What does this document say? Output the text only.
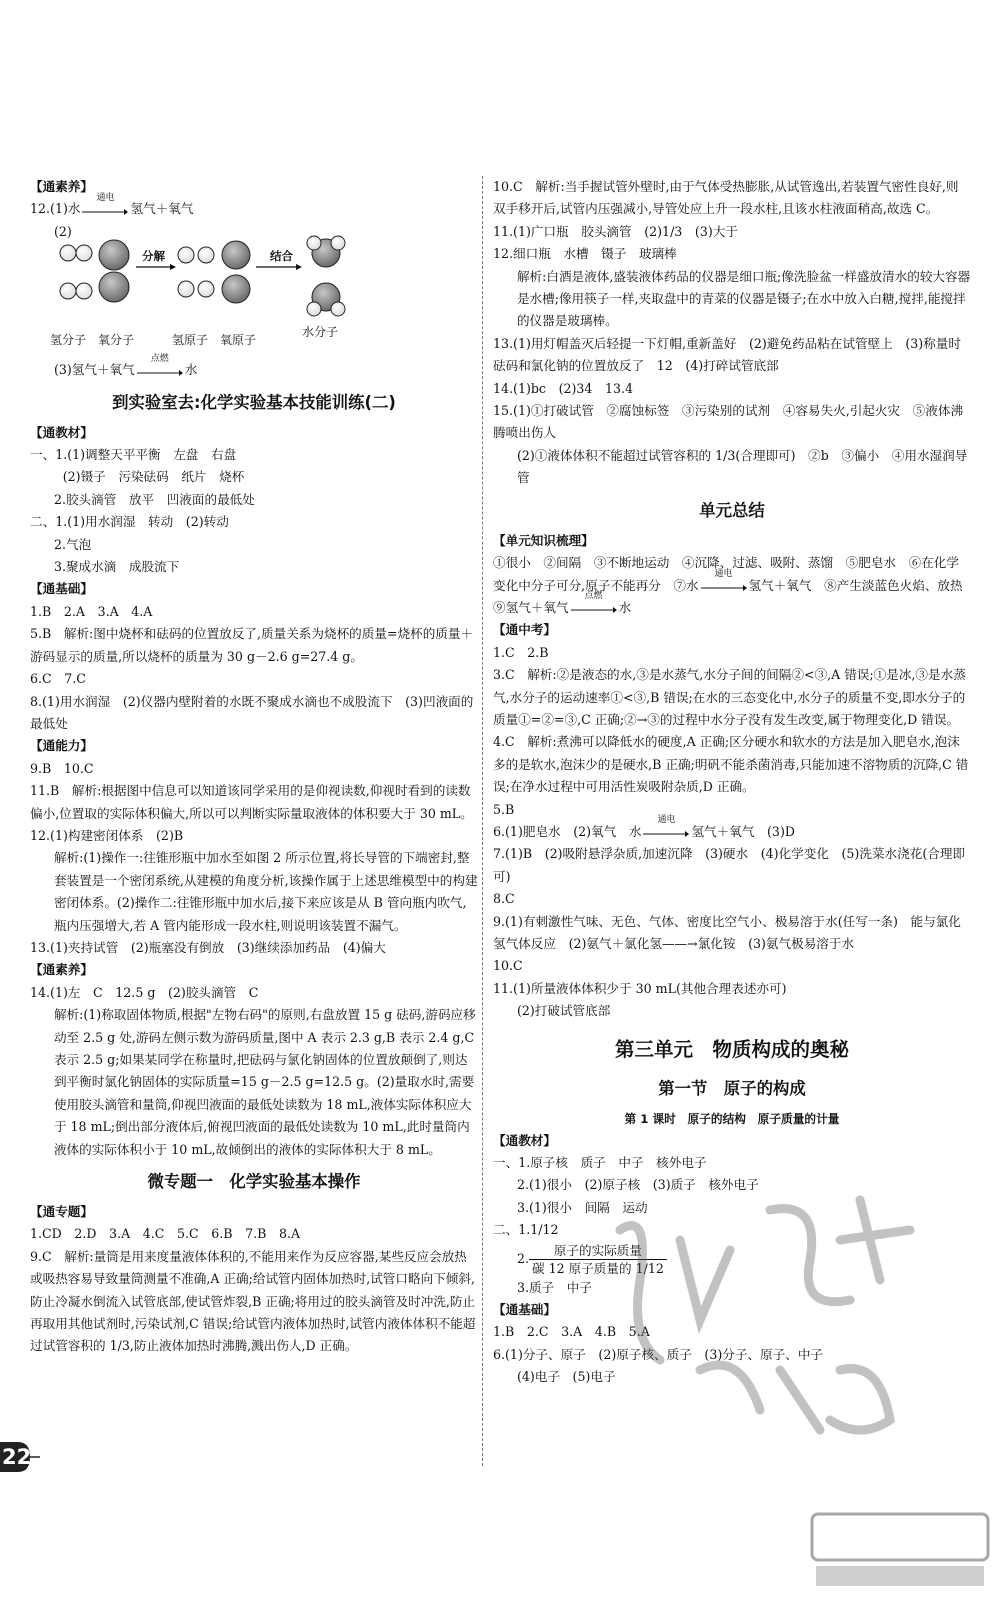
【通素养】
12.(1)水
通电
氢气＋氧气
(2)
分解	结合
氢分子 氧分子	氢原子 氧原子
水分子
(3)氢气＋氧气
点燃
水
到实验室去:化学实验基本技能训练(二)
【通教材】
一、1.(1)调整天平平衡　左盘　右盘
(2)镊子　污染砝码　纸片　烧杯
2.胶头滴管　放平　凹液面的最低处
二、1.(1)用水润湿　转动　(2)转动
2.气泡
3.聚成水滴　成股流下
【通基础】
1.B　2.A　3.A　4.A
5.B　解析:图中烧杯和砝码的位置放反了,质量关系为烧杯的质量=烧杯的质量＋游码显示的质量,所以烧杯的质量为 30 g－2.6 g=27.4 g。
6.C　7.C
8.(1)用水润湿　(2)仪器内壁附着的水既不聚成水滴也不成股流下　(3)凹液面的最低处
【通能力】
9.B　10.C
11.B　解析:根据图中信息可以知道该同学采用的是仰视读数,仰视时看到的读数偏小,位置取的实际体积偏大,所以可以判断实际量取液体的体积要大于 30 mL。
12.(1)构建密闭体系　(2)B
解析:(1)操作一:往锥形瓶中加水至如图 2 所示位置,将长导管的下端密封,整套装置是一个密闭系统,从建模的角度分析,该操作属于上述思维模型中的构建密闭体系。(2)操作二:往锥形瓶中加水后,接下来应该是从 B 管向瓶内吹气,瓶内压强增大,若 A 管内能形成一段水柱,则说明该装置不漏气。
13.(1)夹持试管　(2)瓶塞没有倒放　(3)继续添加药品　(4)偏大
【通素养】
14.(1)左　C　12.5 g　(2)胶头滴管　C
解析:(1)称取固体物质,根据"左物右码"的原则,右盘放置 15 g 砝码,游码应移动至 2.5 g 处,游码左侧示数为游码质量,图中 A 表示 2.3 g,B 表示 2.4 g,C 表示 2.5 g;如果某同学在称量时,把砝码与氯化钠固体的位置放颠倒了,则达到平衡时氯化钠固体的实际质量=15 g－2.5 g=12.5 g。(2)量取水时,需要使用胶头滴管和量筒,仰视凹液面的最低处读数为 18 mL,液体实际体积应大于 18 mL;倒出部分液体后,俯视凹液面的最低处读数为 10 mL,此时量筒内液体的实际体积小于 10 mL,故倾倒出的液体的实际体积大于 8 mL。
微专题一　化学实验基本操作
【通专题】
1.CD　2.D　3.A　4.C　5.C　6.B　7.B　8.A
9.C　解析:量筒是用来度量液体体积的,不能用来作为反应容器,某些反应会放热或吸热容易导致量筒测量不准确,A 正确;给试管内固体加热时,试管口略向下倾斜,防止冷凝水倒流入试管底部,使试管炸裂,B 正确;将用过的胶头滴管及时冲洗,防止再取用其他试剂时,污染试剂,C 错误;给试管内液体加热时,试管内液体体积不能超过试管容积的 1/3,防止液体加热时沸腾,溅出伤人,D 正确。
10.C　解析:当手握试管外壁时,由于气体受热膨胀,从试管逸出,若装置气密性良好,则双手移开后,试管内压强减小,导管处应上升一段水柱,且该水柱液面稍高,故选 C。
11.(1)广口瓶　胶头滴管　(2)1/3　(3)大于
12.细口瓶　水槽　镊子　玻璃棒
解析:白酒是液体,盛装液体药品的仪器是细口瓶;像洗脸盆一样盛放清水的较大容器是水槽;像用筷子一样,夹取盘中的青菜的仪器是镊子;在水中放入白糖,搅拌,能搅拌的仪器是玻璃棒。
13.(1)用灯帽盖灭后轻提一下灯帽,重新盖好　(2)避免药品粘在试管壁上　(3)称量时砝码和氯化钠的位置放反了　12　(4)打碎试管底部
14.(1)bc　(2)34　13.4
15.(1)①打破试管　②腐蚀标签　③污染别的试剂　④容易失火,引起火灾　⑤液体沸腾喷出伤人
(2)①液体体积不能超过试管容积的 1/3(合理即可)　②b　③偏小　④用水湿润导管
单元总结
【单元知识梳理】
①很小　②间隔　③不断地运动　④沉降、过滤、吸附、蒸馏　⑤肥皂水　⑥在化学变化中分子可分,原子不能再分　⑦水
通电
氢气＋氧气　⑧产生淡蓝色火焰、放热　⑨氢气＋氧气
点燃
水
【通中考】
1.C　2.B
3.C　解析:②是液态的水,③是水蒸气,水分子间的间隔②<③,A 错误;①是冰,③是水蒸气,水分子的运动速率①<③,B 错误;在水的三态变化中,水分子的质量不变,即水分子的质量①=②=③,C 正确;②→③的过程中水分子没有发生改变,属于物理变化,D 错误。
4.C　解析:煮沸可以降低水的硬度,A 正确;区分硬水和软水的方法是加入肥皂水,泡沫多的是软水,泡沫少的是硬水,B 正确;明矾不能杀菌消毒,只能加速不溶物质的沉降,C 错误;在净水过程中可用活性炭吸附杂质,D 正确。
5.B
6.(1)肥皂水　(2)氧气　水
通电
氢气＋氧气　(3)D
7.(1)B　(2)吸附悬浮杂质,加速沉降　(3)硬水　(4)化学变化　(5)洗菜水浇花(合理即可)
8.C
9.(1)有刺激性气味、无色、气体、密度比空气小、极易溶于水(任写一条)　能与氯化氢气体反应　(2)氨气＋氯化氢——→氯化铵　(3)氨气极易溶于水
10.C
11.(1)所量液体体积少于 30 mL(其他合理表述亦可)
(2)打破试管底部
第三单元　物质构成的奥秘
第一节　原子的构成
第 1 课时　原子的结构　原子质量的计量
【通教材】
一、1.原子核　质子　中子　核外电子
2.(1)很小　(2)原子核　(3)质子　核外电子
3.(1)很小　间隔　运动
二、1.1/12
2. $\frac{\text{原子的实际质量}}{\text{碳 12 原子质量的 1/12}}$
3.质子　中子
【通基础】
1.B　2.C　3.A　4.B　5.A
6.(1)分子、原子　(2)原子核、质子　(3)分子、原子、中子
(4)电子　(5)电子
22
